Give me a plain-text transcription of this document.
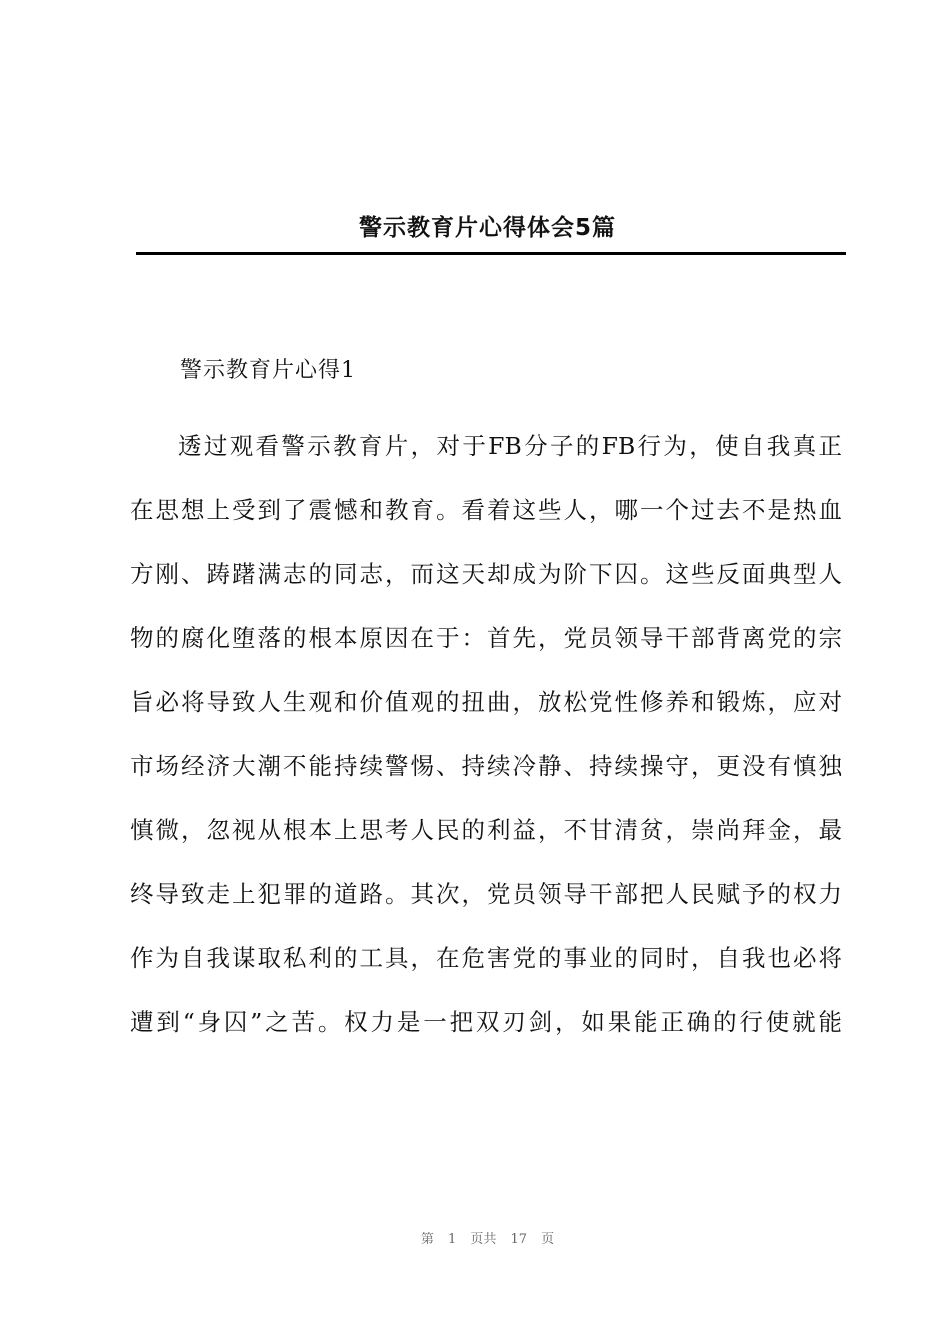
警示教育片心得体会5篇
警示教育片心得1
透过观看警示教育片，对于FB分子的FB行为，使自我真正
在思想上受到了震憾和教育。看着这些人，哪一个过去不是热血
方刚、踌躇满志的同志，而这天却成为阶下囚。这些反面典型人
物的腐化堕落的根本原因在于：首先，党员领导干部背离党的宗
旨必将导致人生观和价值观的扭曲，放松党性修养和锻炼，应对
市场经济大潮不能持续警惕、持续冷静、持续操守，更没有慎独
慎微，忽视从根本上思考人民的利益，不甘清贫，崇尚拜金，最
终导致走上犯罪的道路。其次，党员领导干部把人民赋予的权力
作为自我谋取私利的工具，在危害党的事业的同时，自我也必将
遭到“身囚”之苦。权力是一把双刃剑，如果能正确的行使就能
第 1 页共 17 页
